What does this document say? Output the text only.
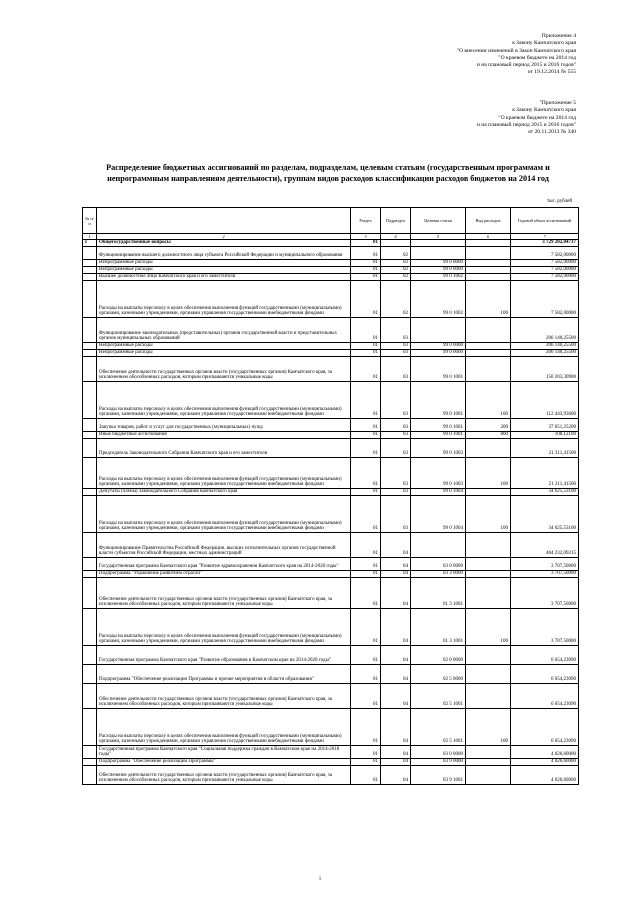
Приложение 4
к Закону Камчатского края
"О внесении изменений в Закон Камчатского края
"О краевом бюджете на 2014 год
и на плановый период 2015 и 2016 годов"
от 19.12.2014 № 555
"Приложение 5
к Закону Камчатского края
"О краевом бюджете на 2014 год
и на плановый период 2015 и 2016 годов"
от 20.11.2013 № 340
Распределение бюджетных ассигнований по разделам, подразделам, целевым статьям (государственным программам и непрограммным направлениям деятельности), группам видов расходов классификации расходов бюджетов на 2014 год
тыс. рублей
№ п/п		Раздел	Подраздел	Целевая статья	Вид расходов	Годовой объем ассигнований
1	2	3	4	5	6	7
I	Общегосударственные вопросы	01				3 729 202,04737
	Функционирование высшего должностного лица субъекта Российской Федерации и муниципального образования	01	02			7 582,00000
	Непрограммные расходы	01	02	99 0 0000		7 582,00000
	Непрограммные расходы	01	02	99 0 0000		7 582,00000
	Высшее должностное лицо Камчатского края и его заместители	01	02	99 0 1002		7 582,00000
	Расходы на выплаты персоналу в целях обеспечения выполнения функций государственными (муниципальными) органами, казенными учреждениями, органами управления государственными внебюджетными фондами	01	02	99 0 1002	100	7 582,00000
	Функционирование законодательных (представительных) органов государственной власти и представительных органов муниципальных образований	01	03			206 140,25500
	Непрограммные расходы	01	03	99 0 0000		206 140,25500
	Непрограммные расходы	01	03	99 0 0000		206 140,25500
	Обеспечение деятельности государственных органов власти (государственных органов) Камчатского края, за исключением обособленных расходов, которым присваиваются уникальные коды	01	03	99 0 1001		150 203,30900
	Расходы на выплаты персоналу в целях обеспечения выполнения функций государственными (муниципальными) органами, казенными учреждениями, органами управления государственными внебюджетными фондами	01	03	99 0 1001	100	112 443,93600
	Закупка товаров, работ и услуг для государственных (муниципальных) нужд	01	03	99 0 1001	200	37 651,25200
	Иные бюджетные ассигнования	01	03	99 0 1001	800	108,12100
	Председатель Законодательного Собрания Камчатского края и его заместители	01	03	99 0 1003		21 311,41500
	Расходы на выплаты персоналу в целях обеспечения выполнения функций государственными (муниципальными) органами, казенными учреждениями, органами управления государственными внебюджетными фондами	01	03	99 0 1003	100	21 311,41500
	Депутаты (члены) Законодательного Собрания Камчатского края	01	03	99 0 1004		34 625,53100
	Расходы на выплаты персоналу в целях обеспечения выполнения функций государственными (муниципальными) органами, казенными учреждениями, органами управления государственными внебюджетными фондами	01	03	99 0 1004	100	34 625,53100
	Функционирование Правительства Российской Федерации, высших исполнительных органов государственной власти субъектов Российской Федерации, местных администраций	01	04			484 232,09215
	Государственная программа Камчатского края "Развитие здравоохранения Камчатского края на 2014-2020 годы"	01	04	03 0 0000		3 707,50000
	Подпрограмма "Управление развитием отрасли"	01	04	03 3 0000		3 707,50000
	Обеспечение деятельности государственных органов власти (государственных органов) Камчатского края, за исключением обособленных расходов, которым присваиваются уникальные коды	01	04	01 3 1001		3 707,50000
	Расходы на выплаты персоналу в целях обеспечения выполнения функций государственными (муниципальными) органами, казенными учреждениями, органами управления государственными внебюджетными фондами	01	04	01 3 1001	100	3 707,50000
	Государственная программа Камчатского края "Развитие образования в Камчатском крае на 2014-2020 годы"	01	04	02 0 0000		6 654,23090
	Подпрограмма "Обеспечение реализации Программы и прочие мероприятия в области образования"	01	04	02 5 0000		6 654,23090
	Обеспечение деятельности государственных органов власти (государственных органов) Камчатского края, за исключением обособленных расходов, которым присваиваются уникальные коды	01	04	02 5 1001		6 654,23090
	Расходы на выплаты персоналу в целях обеспечения выполнения функций государственными (муниципальными) органами, казенными учреждениями, органами управления государственными внебюджетными фондами	01	04	02 5 1001	100	6 654,23090
	Государственная программа Камчатского края "Социальная поддержка граждан в Камчатском крае на 2014-2018 годы"	01	04	03 0 0000		4 026,60000
	Подпрограмма "Обеспечение реализации Программы"	01	04	03 9 0000		4 026,60000
	Обеспечение деятельности государственных органов власти (государственных органов) Камчатского края, за исключением обособленных расходов, которым присваиваются уникальные коды	01	04	03 9 1001		4 026,60000
1
